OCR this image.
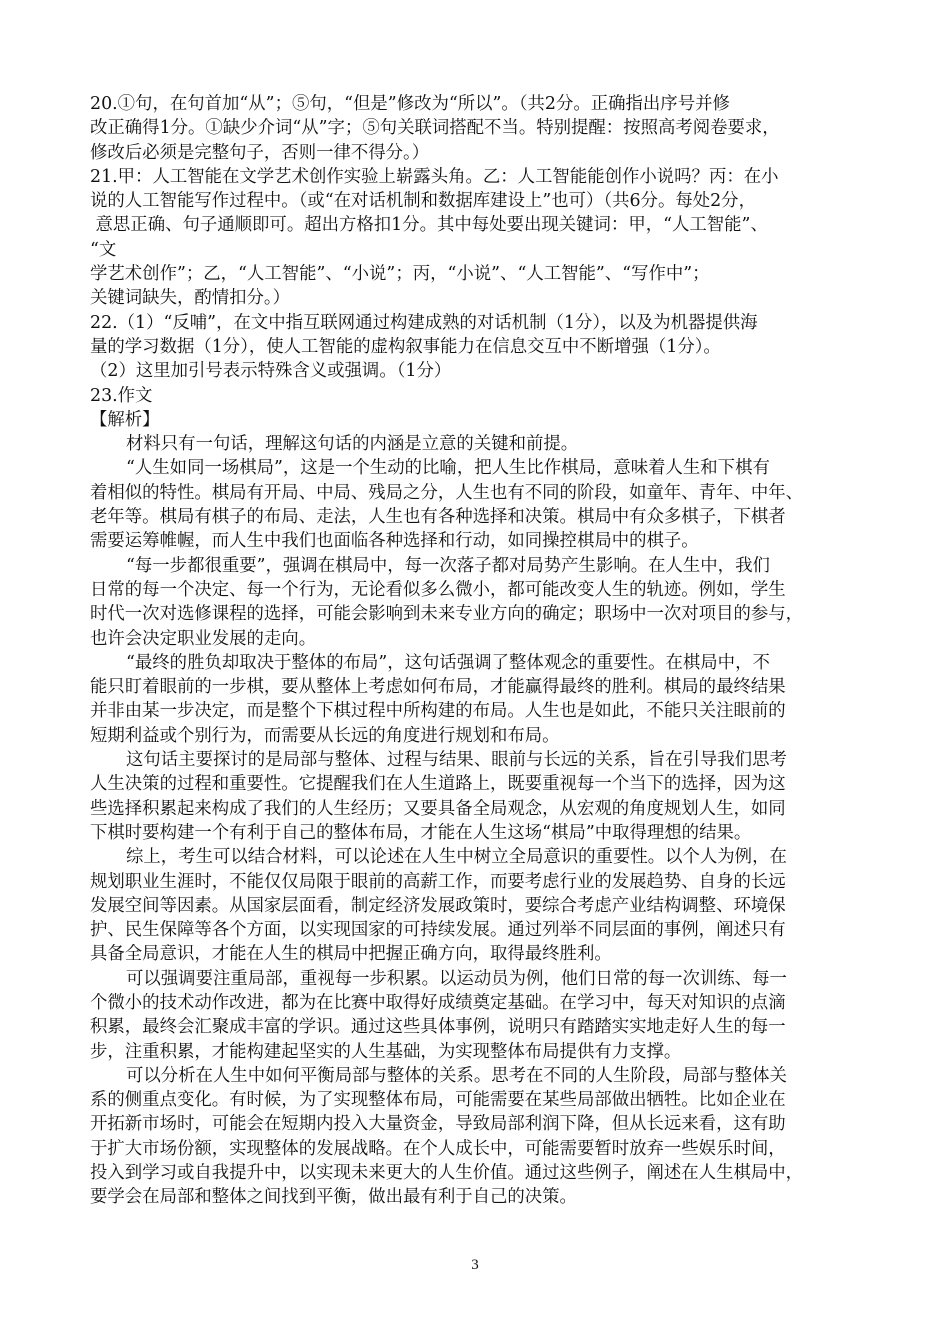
20.①句，在句首加“从”；⑤句，“但是”修改为“所以”。（共2分。正确指出序号并修
改正确得1分。①缺少介词“从”字；⑤句关联词搭配不当。特别提醒：按照高考阅卷要求，
修改后必须是完整句子，否则一律不得分。）
21.甲：人工智能在文学艺术创作实验上崭露头角。乙：人工智能能创作小说吗？丙：在小
说的人工智能写作过程中。（或“在对话机制和数据库建设上”也可）（共6分。每处2分，
意思正确、句子通顺即可。超出方格扣1分。其中每处要出现关键词：甲，“人工智能”、
“文
学艺术创作”；乙，“人工智能”、“小说”；丙，“小说”、“人工智能”、“写作中”；
关键词缺失，酌情扣分。）
22.（1）“反哺”，在文中指互联网通过构建成熟的对话机制（1分），以及为机器提供海
量的学习数据（1分），使人工智能的虚构叙事能力在信息交互中不断增强（1分）。
（2）这里加引号表示特殊含义或强调。（1分）
23.作文
【解析】
材料只有一句话，理解这句话的内涵是立意的关键和前提。
“人生如同一场棋局”，这是一个生动的比喻，把人生比作棋局，意味着人生和下棋有
着相似的特性。棋局有开局、中局、残局之分，人生也有不同的阶段，如童年、青年、中年、
老年等。棋局有棋子的布局、走法，人生也有各种选择和决策。棋局中有众多棋子，下棋者
需要运筹帷幄，而人生中我们也面临各种选择和行动，如同操控棋局中的棋子。
“每一步都很重要”，强调在棋局中，每一次落子都对局势产生影响。在人生中，我们
日常的每一个决定、每一个行为，无论看似多么微小，都可能改变人生的轨迹。例如，学生
时代一次对选修课程的选择，可能会影响到未来专业方向的确定；职场中一次对项目的参与，
也许会决定职业发展的走向。
“最终的胜负却取决于整体的布局”，这句话强调了整体观念的重要性。在棋局中，不
能只盯着眼前的一步棋，要从整体上考虑如何布局，才能赢得最终的胜利。棋局的最终结果
并非由某一步决定，而是整个下棋过程中所构建的布局。人生也是如此，不能只关注眼前的
短期利益或个别行为，而需要从长远的角度进行规划和布局。
这句话主要探讨的是局部与整体、过程与结果、眼前与长远的关系，旨在引导我们思考
人生决策的过程和重要性。它提醒我们在人生道路上，既要重视每一个当下的选择，因为这
些选择积累起来构成了我们的人生经历；又要具备全局观念，从宏观的角度规划人生，如同
下棋时要构建一个有利于自己的整体布局，才能在人生这场“棋局”中取得理想的结果。
综上，考生可以结合材料，可以论述在人生中树立全局意识的重要性。以个人为例，在
规划职业生涯时，不能仅仅局限于眼前的高薪工作，而要考虑行业的发展趋势、自身的长远
发展空间等因素。从国家层面看，制定经济发展政策时，要综合考虑产业结构调整、环境保
护、民生保障等各个方面，以实现国家的可持续发展。通过列举不同层面的事例，阐述只有
具备全局意识，才能在人生的棋局中把握正确方向，取得最终胜利。
可以强调要注重局部，重视每一步积累。以运动员为例，他们日常的每一次训练、每一
个微小的技术动作改进，都为在比赛中取得好成绩奠定基础。在学习中，每天对知识的点滴
积累，最终会汇聚成丰富的学识。通过这些具体事例，说明只有踏踏实实地走好人生的每一
步，注重积累，才能构建起坚实的人生基础，为实现整体布局提供有力支撑。
可以分析在人生中如何平衡局部与整体的关系。思考在不同的人生阶段，局部与整体关
系的侧重点变化。有时候，为了实现整体布局，可能需要在某些局部做出牺牲。比如企业在
开拓新市场时，可能会在短期内投入大量资金，导致局部利润下降，但从长远来看，这有助
于扩大市场份额，实现整体的发展战略。在个人成长中，可能需要暂时放弃一些娱乐时间，
投入到学习或自我提升中，以实现未来更大的人生价值。通过这些例子，阐述在人生棋局中，
要学会在局部和整体之间找到平衡，做出最有利于自己的决策。
3
